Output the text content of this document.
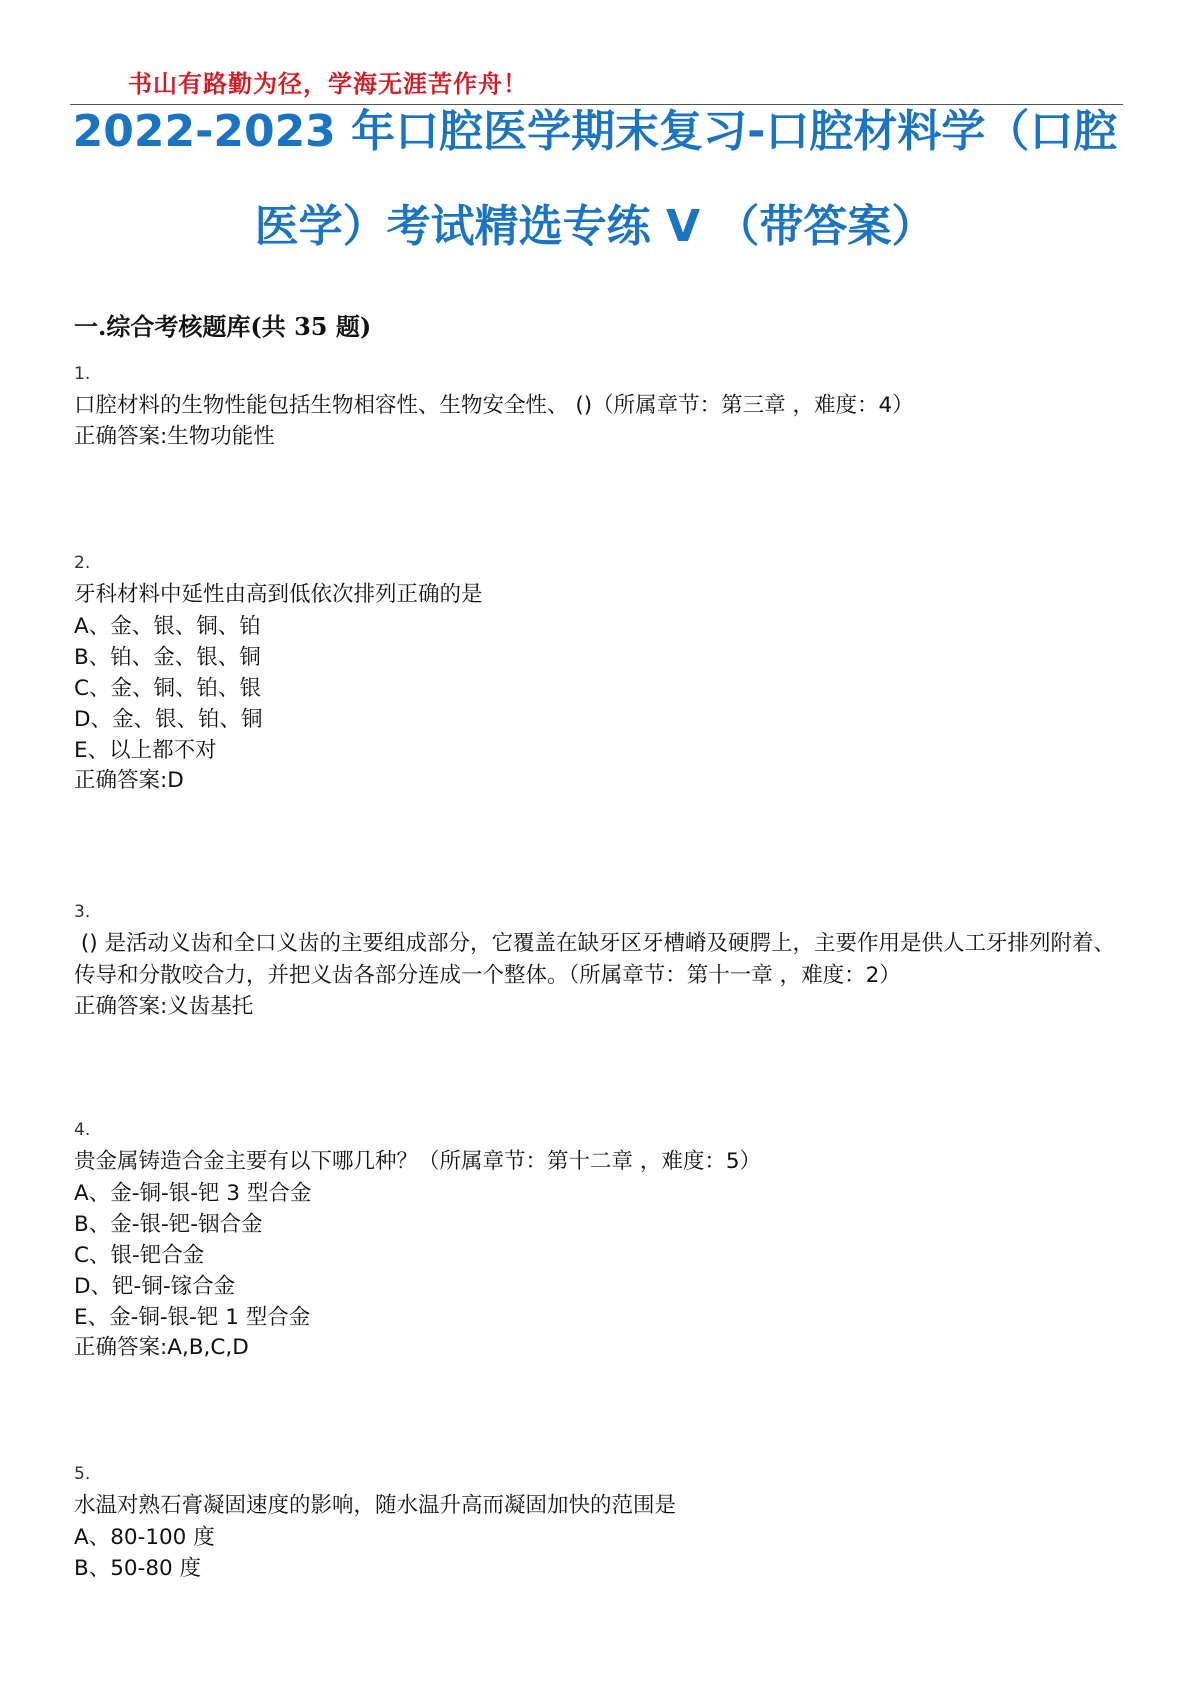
书山有路勤为径，学海无涯苦作舟！
2022-2023 年口腔医学期末复习-口腔材料学（口腔
医学）考试精选专练 V （带答案）
一.综合考核题库(共 35 题)
1.
口腔材料的生物性能包括生物相容性、生物安全性、 ()（所属章节：第三章 ，难度：4）
正确答案:生物功能性
2.
牙科材料中延性由高到低依次排列正确的是
A、金、银、铜、铂
B、铂、金、银、铜
C、金、铜、铂、银
D、金、银、铂、铜
E、以上都不对
正确答案:D
3.
() 是活动义齿和全口义齿的主要组成部分，它覆盖在缺牙区牙槽嵴及硬腭上，主要作用是供人工牙排列附着、传导和分散咬合力，并把义齿各部分连成一个整体。（所属章节：第十一章 ，难度：2）
正确答案:义齿基托
4.
贵金属铸造合金主要有以下哪几种？（所属章节：第十二章 ，难度：5）
A、金-铜-银-钯 3 型合金
B、金-银-钯-铟合金
C、银-钯合金
D、钯-铜-镓合金
E、金-铜-银-钯 1 型合金
正确答案:A,B,C,D
5.
水温对熟石膏凝固速度的影响，随水温升高而凝固加快的范围是
A、80-100 度
B、50-80 度
